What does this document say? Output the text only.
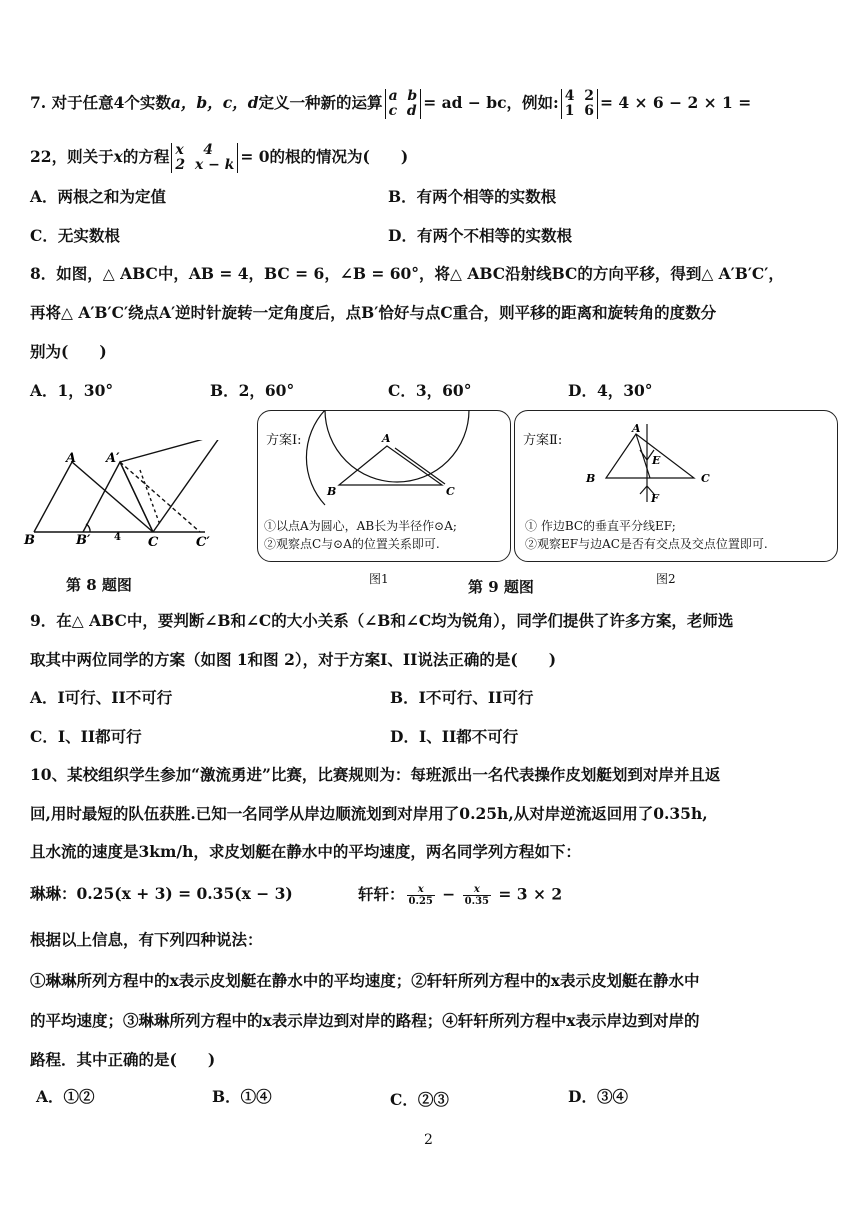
7. 对于任意4个实数a，b，c，d定义一种新的运算 a b
c d = ad − bc，例如: 4 2
1 6 = 4 × 6 − 2 × 1 =
22，则关于x的方程 x 4
2 x − k = 0的根的情况为(　　)
A．两根之和为定值	B．有两个相等的实数根
C．无实数根	D．有两个不相等的实数根
8．如图，△ ABC中，AB = 4，BC = 6，∠B = 60°，将△ ABC沿射线BC的方向平移，得到△ A′B′C′，
再将△ A′B′C′绕点A′逆时针旋转一定角度后，点B′恰好与点C重合，则平移的距离和旋转角的度数分
别为(　　)
A．1，30°	B．2，60°	C．3，60°	D．4，30°
A A′
B	B′	C	C′
4
第 8 题图
方案Ⅰ:
①以点A为圆心，AB长为半径作⊙A;
②观察点C与⊙A的位置关系即可.
A
B	C
方案Ⅱ:
① 作边BC的垂直平分线EF;
②观察EF与边AC是否有交点及交点位置即可.
A
B	C
E
F
图1	第 9 题图	图2
9．在△ ABC中，要判断∠B和∠C的大小关系（∠B和∠C均为锐角），同学们提供了许多方案，老师选
取其中两位同学的方案（如图 1和图 2），对于方案I、II说法正确的是(　　)
A．I可行、II不可行	B．I不可行、II可行
C．I、II都可行	D．I、II都不可行
10、某校组织学生参加“激流勇进”比赛，比赛规则为：每班派出一名代表操作皮划艇划到对岸并且返
回,用时最短的队伍获胜.已知一名同学从岸边顺流划到对岸用了0.25h,从对岸逆流返回用了0.35h,
且水流的速度是3km/h，求皮划艇在静水中的平均速度，两名同学列方程如下：
琳琳：0.25(x + 3) = 0.35(x − 3)	轩轩： $\frac{x}{0.25} - \frac{x}{0.35} = 3 \times 2$
根据以上信息，有下列四种说法：
①琳琳所列方程中的x表示皮划艇在静水中的平均速度；②轩轩所列方程中的x表示皮划艇在静水中
的平均速度；③琳琳所列方程中的x表示岸边到对岸的路程；④轩轩所列方程中x表示岸边到对岸的
路程．其中正确的是(　　)
A．①②	B．①④	C．②③	D．③④
2
